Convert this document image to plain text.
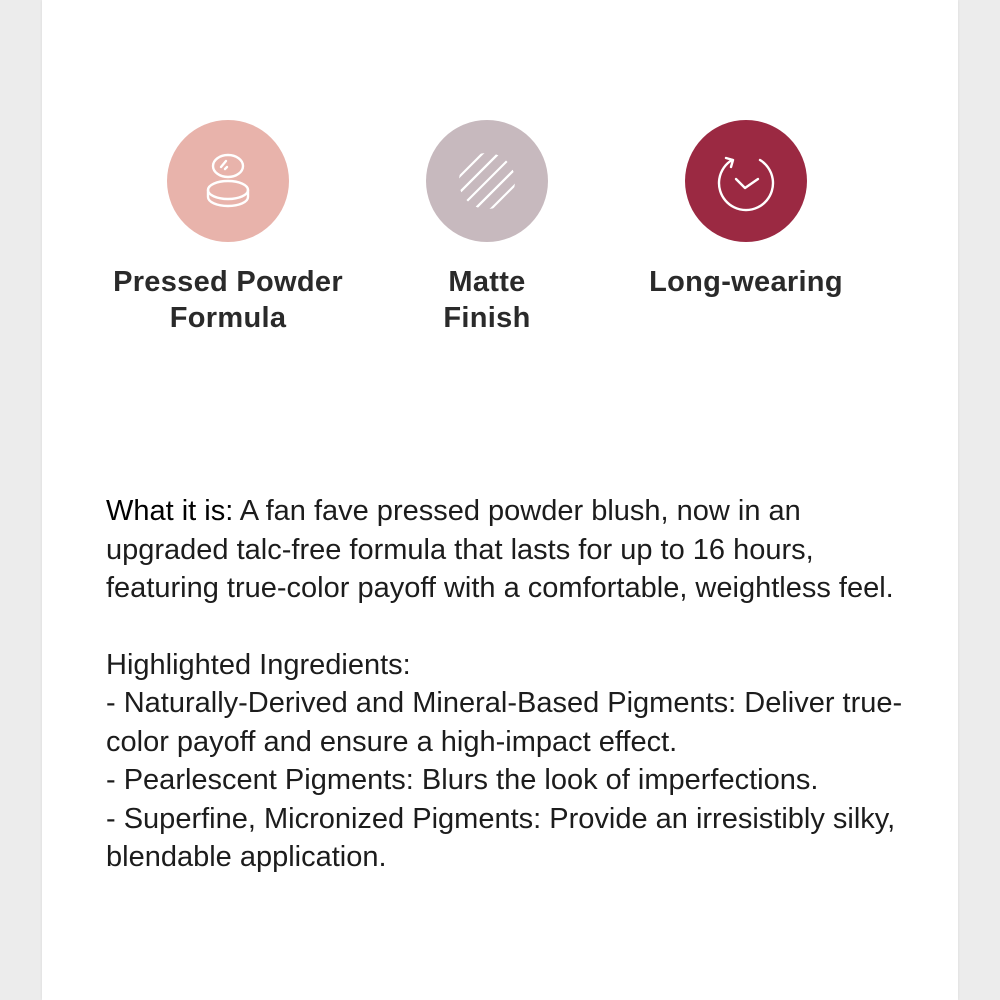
Pressed Powder
Formula
Matte
Finish
Long-wearing

What it is: A fan fave pressed powder blush, now in an upgraded talc-free formula that lasts for up to 16 hours, featuring true-color payoff with a comfortable, weightless feel.

Highlighted Ingredients:

- Naturally-Derived and Mineral-Based Pigments: Deliver true-color payoff and ensure a high-impact effect.

- Pearlescent Pigments: Blurs the look of imperfections.

- Superfine, Micronized Pigments: Provide an irresistibly silky, blendable application.
